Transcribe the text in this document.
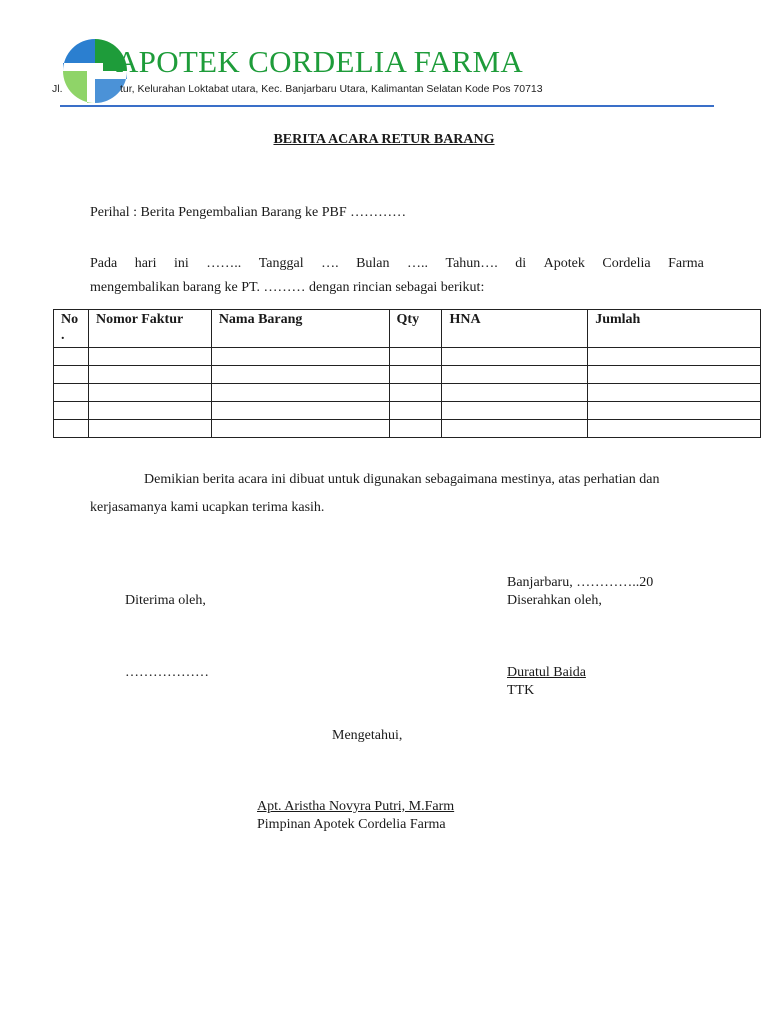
APOTEK CORDELIA FARMA
Jl.	tur, Kelurahan Loktabat utara, Kec. Banjarbaru Utara, Kalimantan Selatan Kode Pos 70713
BERITA ACARA RETUR BARANG
Perihal : Berita Pengembalian Barang ke PBF …………
Pada hari ini …….. Tanggal …. Bulan ….. Tahun…. di Apotek Cordelia Farma
mengembalikan barang ke PT. ……… dengan rincian sebagai berikut:
No .	Nomor Faktur	Nama Barang	Qty	HNA	Jumlah

Demikian berita acara ini dibuat untuk digunakan sebagaimana mestinya, atas perhatian dan
kerjasamanya kami ucapkan terima kasih.
Banjarbaru, …………..20
Diterima oleh,	Diserahkan oleh,
………………	Duratul Baida
TTK
Mengetahui,
Apt. Aristha Novyra Putri, M.Farm
Pimpinan Apotek Cordelia Farma
